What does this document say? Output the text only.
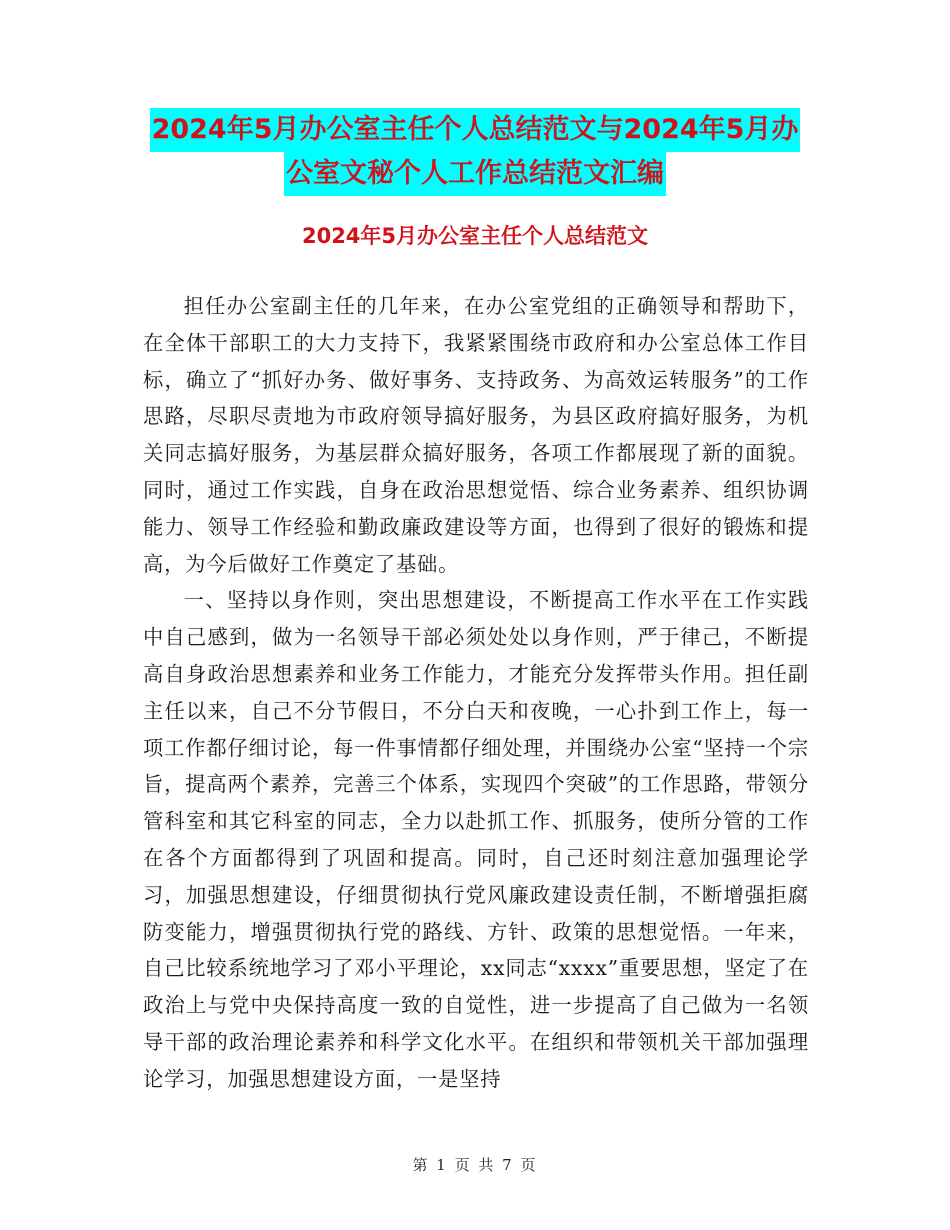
2024年5月办公室主任个人总结范文与2024年5月办
公室文秘个人工作总结范文汇编
2024年5月办公室主任个人总结范文

担任办公室副主任的几年来，在办公室党组的正确领导和帮助下，在全体干部职工的大力支持下，我紧紧围绕市政府和办公室总体工作目标，确立了“抓好办务、做好事务、支持政务、为高效运转服务”的工作思路，尽职尽责地为市政府领导搞好服务，为县区政府搞好服务，为机关同志搞好服务，为基层群众搞好服务，各项工作都展现了新的面貌。同时，通过工作实践，自身在政治思想觉悟、综合业务素养、组织协调能力、领导工作经验和勤政廉政建设等方面，也得到了很好的锻炼和提高，为今后做好工作奠定了基础。

一、坚持以身作则，突出思想建设，不断提高工作水平在工作实践中自己感到，做为一名领导干部必须处处以身作则，严于律己，不断提高自身政治思想素养和业务工作能力，才能充分发挥带头作用。担任副主任以来，自己不分节假日，不分白天和夜晚，一心扑到工作上，每一项工作都仔细讨论，每一件事情都仔细处理，并围绕办公室“坚持一个宗旨，提高两个素养，完善三个体系，实现四个突破”的工作思路，带领分管科室和其它科室的同志，全力以赴抓工作、抓服务，使所分管的工作在各个方面都得到了巩固和提高。同时，自己还时刻注意加强理论学习，加强思想建设，仔细贯彻执行党风廉政建设责任制，不断增强拒腐防变能力，增强贯彻执行党的路线、方针、政策的思想觉悟。一年来，自己比较系统地学习了邓小平理论，xx同志“xxxx”重要思想，坚定了在政治上与党中央保持高度一致的自觉性，进一步提高了自己做为一名领导干部的政治理论素养和科学文化水平。在组织和带领机关干部加强理论学习，加强思想建设方面，一是坚持

第 1 页 共 7 页
